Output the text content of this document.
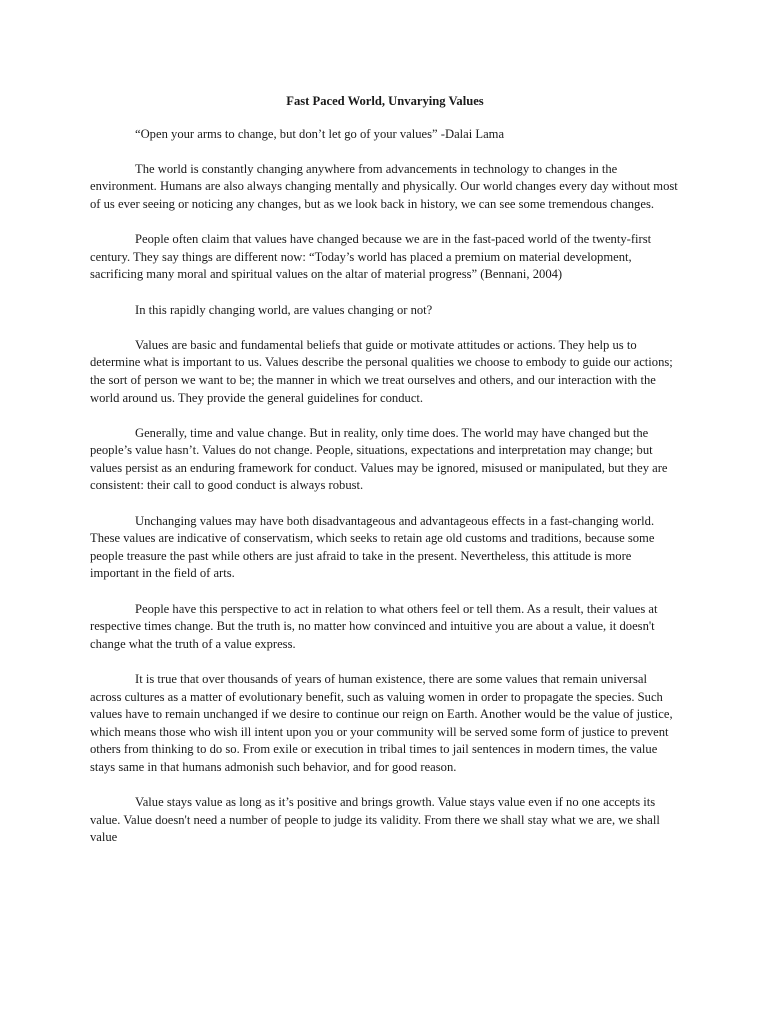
Fast Paced World, Unvarying Values

“Open your arms to change, but don’t let go of your values” -Dalai Lama

The world is constantly changing anywhere from advancements in technology to changes in the environment. Humans are also always changing mentally and physically. Our world changes every day without most of us ever seeing or noticing any changes, but as we look back in history, we can see some tremendous changes.

People often claim that values have changed because we are in the fast-paced world of the twenty-first century. They say things are different now: “Today’s world has placed a premium on material development, sacrificing many moral and spiritual values on the altar of material progress” (Bennani, 2004)

In this rapidly changing world, are values changing or not?

Values are basic and fundamental beliefs that guide or motivate attitudes or actions. They help us to determine what is important to us. Values describe the personal qualities we choose to embody to guide our actions; the sort of person we want to be; the manner in which we treat ourselves and others, and our interaction with the world around us. They provide the general guidelines for conduct.

Generally, time and value change. But in reality, only time does. The world may have changed but the people’s value hasn’t. Values do not change. People, situations, expectations and interpretation may change; but values persist as an enduring framework for conduct. Values may be ignored, misused or manipulated, but they are consistent: their call to good conduct is always robust.

Unchanging values may have both disadvantageous and advantageous effects in a fast-changing world. These values are indicative of conservatism, which seeks to retain age old customs and traditions, because some people treasure the past while others are just afraid to take in the present. Nevertheless, this attitude is more important in the field of arts.

People have this perspective to act in relation to what others feel or tell them. As a result, their values at respective times change. But the truth is, no matter how convinced and intuitive you are about a value, it doesn't change what the truth of a value express.

It is true that over thousands of years of human existence, there are some values that remain universal across cultures as a matter of evolutionary benefit, such as valuing women in order to propagate the species. Such values have to remain unchanged if we desire to continue our reign on Earth. Another would be the value of justice, which means those who wish ill intent upon you or your community will be served some form of justice to prevent others from thinking to do so. From exile or execution in tribal times to jail sentences in modern times, the value stays same in that humans admonish such behavior, and for good reason.

Value stays value as long as it’s positive and brings growth. Value stays value even if no one accepts its value. Value doesn't need a number of people to judge its validity. From there we shall stay what we are, we shall value
